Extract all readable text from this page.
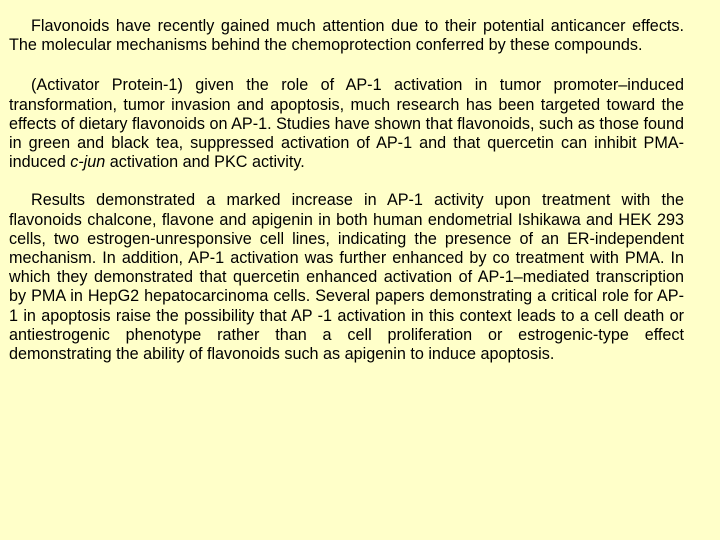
Flavonoids have recently gained much attention due to their potential anticancer effects. The molecular mechanisms behind the chemoprotection conferred by these compounds.

(Activator Protein-1) given the role of AP-1 activation in tumor promoter–induced transformation, tumor invasion and apoptosis, much research has been targeted toward the effects of dietary flavonoids on AP-1. Studies have shown that flavonoids, such as those found in green and black tea, suppressed activation of AP-1 and that quercetin can inhibit PMA-induced c-jun activation and PKC activity.

Results demonstrated a marked increase in AP-1 activity upon treatment with the flavonoids chalcone, flavone and apigenin in both human endometrial Ishikawa and HEK 293 cells, two estrogen-unresponsive cell lines, indicating the presence of an ER-independent mechanism. In addition, AP-1 activation was further enhanced by co treatment with PMA. In which they demonstrated that quercetin enhanced activation of AP-1–mediated transcription by PMA in HepG2 hepatocarcinoma cells. Several papers demonstrating a critical role for AP-1 in apoptosis raise the possibility that AP -1 activation in this context leads to a cell death or antiestrogenic phenotype rather than a cell proliferation or estrogenic-type effect demonstrating the ability of flavonoids such as apigenin to induce apoptosis.
